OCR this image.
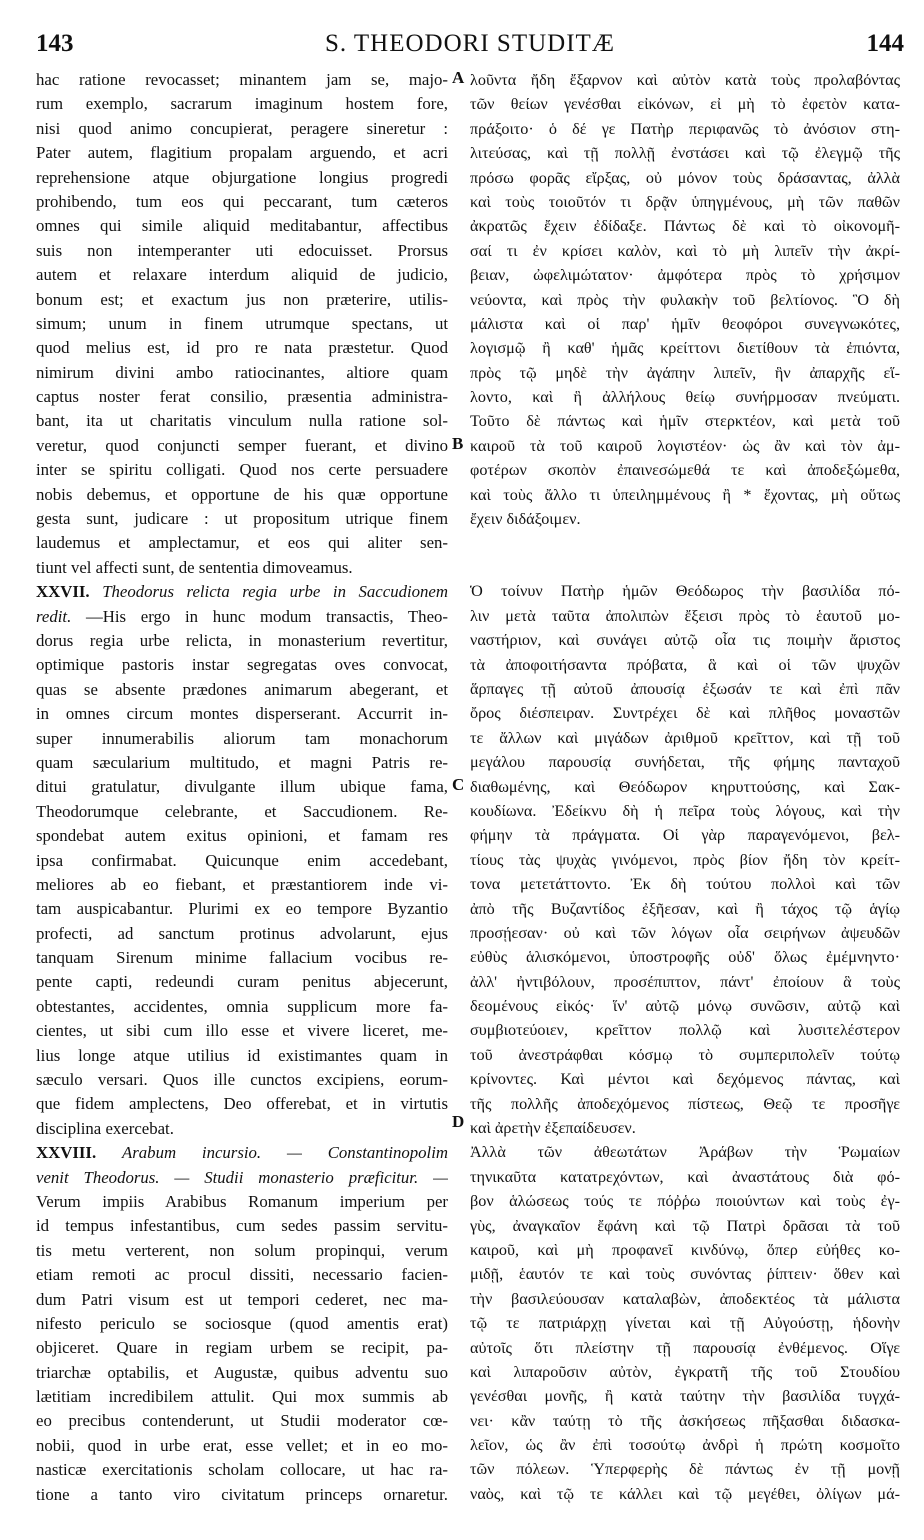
143	S. THEODORI STUDITÆ	144
A
B
C
D
hac ratione revocasset; minantem jam se, majo-
rum exemplo, sacrarum imaginum hostem fore,
nisi quod animo concupierat, peragere sineretur :
Pater autem, flagitium propalam arguendo, et acri
reprehensione atque objurgatione longius progredi
prohibendo, tum eos qui peccarant, tum cæteros
omnes qui simile aliquid meditabantur, affectibus
suis non intemperanter uti edocuisset. Prorsus
autem et relaxare interdum aliquid de judicio,
bonum est; et exactum jus non præterire, utilis-
simum; unum in finem utrumque spectans, ut
quod melius est, id pro re nata præstetur. Quod
nimirum divini ambo ratiocinantes, altiore quam
captus noster ferat consilio, præsentia administra-
bant, ita ut charitatis vinculum nulla ratione sol-
veretur, quod conjuncti semper fuerant, et divino
inter se spiritu colligati. Quod nos certe persuadere
nobis debemus, et opportune de his quæ opportune
gesta sunt, judicare : ut propositum utrique finem
laudemus et amplectamur, et eos qui aliter sen-
tiunt vel affecti sunt, de sententia dimoveamus.
XXVII. Theodorus relicta regia urbe in Saccudionem
redit. —His ergo in hunc modum transactis, Theo-
dorus regia urbe relicta, in monasterium revertitur,
optimique pastoris instar segregatas oves convocat,
quas se absente prædones animarum abegerant, et
in omnes circum montes disperserant. Accurrit in-
super innumerabilis aliorum tam monachorum
quam sæcularium multitudo, et magni Patris re-
ditui gratulatur, divulgante illum ubique fama,
Theodorumque celebrante, et Saccudionem. Re-
spondebat autem exitus opinioni, et famam res
ipsa confirmabat. Quicunque enim accedebant,
meliores ab eo fiebant, et præstantiorem inde vi-
tam auspicabantur. Plurimi ex eo tempore Byzantio
profecti, ad sanctum protinus advolarunt, ejus
tanquam Sirenum minime fallacium vocibus re-
pente capti, redeundi curam penitus abjecerunt,
obtestantes, accidentes, omnia supplicum more fa-
cientes, ut sibi cum illo esse et vivere liceret, me-
lius longe atque utilius id existimantes quam in
sæculo versari. Quos ille cunctos excipiens, eorum-
que fidem amplectens, Deo offerebat, et in virtutis
disciplina exercebat.
XXVIII. Arabum incursio. — Constantinopolim
venit Theodorus. — Studii monasterio præficitur. —
Verum impiis Arabibus Romanum imperium per
id tempus infestantibus, cum sedes passim servitu-
tis metu verterent, non solum propinqui, verum
etiam remoti ac procul dissiti, necessario facien-
dum Patri visum est ut tempori cederet, nec ma-
nifesto periculo se sociosque (quod amentis erat)
objiceret. Quare in regiam urbem se recipit, pa-
triarchæ optabilis, et Augustæ, quibus adventu suo
lætitiam incredibilem attulit. Qui mox summis ab
eo precibus contenderunt, ut Studii moderator cœ-
nobii, quod in urbe erat, esse vellet; et in eo mo-
nasticæ exercitationis scholam collocare, ut hac ra-
tione a tanto viro civitatum princeps ornaretur.
λοῦντα ἤδη ἔξαρνον καὶ αὐτὸν κατὰ τοὺς προλαβόντας
τῶν θείων γενέσθαι εἰκόνων, εἰ μὴ τὸ ἐφετὸν κατα-
πράξοιτο· ὁ δέ γε Πατὴρ περιφανῶς τὸ ἀνόσιον στη-
λιτεύσας, καὶ τῇ πολλῇ ἐνστάσει καὶ τῷ ἐλεγμῷ τῆς
πρόσω φορᾶς εἴρξας, οὐ μόνον τοὺς δράσαντας, ἀλλὰ
καὶ τοὺς τοιοῦτόν τι δρᾷν ὑπηγμένους, μὴ τῶν παθῶν
ἀκρατῶς ἔχειν ἐδίδαξε. Πάντως δὲ καὶ τὸ οἰκονομῆ-
σαί τι ἐν κρίσει καλὸν, καὶ τὸ μὴ λιπεῖν τὴν ἀκρί-
βειαν, ὠφελιμώτατον· ἀμφότερα πρὸς τὸ χρήσιμον
νεύοντα, καὶ πρὸς τὴν φυλακὴν τοῦ βελτίονος. Ὃ δὴ
μάλιστα καὶ οἱ παρ' ἡμῖν θεοφόροι συνεγνωκότες,
λογισμῷ ἢ καθ' ἡμᾶς κρείττονι διετίθουν τὰ ἐπιόντα,
πρὸς τῷ μηδὲ τὴν ἀγάπην λιπεῖν, ἣν ἀπαρχῆς εἵ-
λοντο, καὶ ἣ ἀλλήλους θείῳ συνήρμοσαν πνεύματι.
Τοῦτο δὲ πάντως καὶ ἡμῖν στερκτέον, καὶ μετὰ τοῦ
καιροῦ τὰ τοῦ καιροῦ λογιστέον· ὡς ἂν καὶ τὸν ἀμ-
φοτέρων σκοπὸν ἐπαινεσώμεθά τε καὶ ἀποδεξώμεθα,
καὶ τοὺς ἄλλο τι ὑπειλημμένους ἢ * ἔχοντας, μὴ οὕτως
ἔχειν διδάξοιμεν.
Ὁ τοίνυν Πατὴρ ἡμῶν Θεόδωρος τὴν βασιλίδα πό-
λιν μετὰ ταῦτα ἀπολιπὼν ἔξεισι πρὸς τὸ ἑαυτοῦ μο-
ναστήριον, καὶ συνάγει αὐτῷ οἷα τις ποιμὴν ἄριστος
τὰ ἀποφοιτήσαντα πρόβατα, ἃ καὶ οἱ τῶν ψυχῶν
ἅρπαγες τῇ αὐτοῦ ἀπουσίᾳ ἐξωσάν τε καὶ ἐπὶ πᾶν
ὄρος διέσπειραν. Συντρέχει δὲ καὶ πλῆθος μοναστῶν
τε ἄλλων καὶ μιγάδων ἀριθμοῦ κρεῖττον, καὶ τῇ τοῦ
μεγάλου παρουσίᾳ συνήδεται, τῆς φήμης πανταχοῦ
διαθωμένης, καὶ Θεόδωρον κηρυττούσης, καὶ Σακ-
κουδίωνα. Ἐδείκνυ δὴ ἡ πεῖρα τοὺς λόγους, καὶ τὴν
φήμην τὰ πράγματα. Οἱ γὰρ παραγενόμενοι, βελ-
τίους τὰς ψυχὰς γινόμενοι, πρὸς βίον ἤδη τὸν κρείτ-
τονα μετετάττοντο. Ἐκ δὴ τούτου πολλοὶ καὶ τῶν
ἀπὸ τῆς Βυζαντίδος ἐξῆεσαν, καὶ ἢ τάχος τῷ ἁγίῳ
προσῄεσαν· οὐ καὶ τῶν λόγων οἷα σειρήνων ἀψευδῶν
εὐθὺς ἁλισκόμενοι, ὑποστροφῆς οὐδ' ὅλως ἐμέμνηντο·
ἀλλ' ἠντιβόλουν, προσέπιπτον, πάντ' ἐποίουν ἃ τοὺς
δεομένους εἰκός· ἵν' αὐτῷ μόνῳ συνῶσιν, αὐτῷ καὶ
συμβιοτεύοιεν, κρεῖττον πολλῷ καὶ λυσιτελέστερον
τοῦ ἀνεστράφθαι κόσμῳ τὸ συμπεριπολεῖν τούτῳ
κρίνοντες. Καὶ μέντοι καὶ δεχόμενος πάντας, καὶ
τῆς πολλῆς ἀποδεχόμενος πίστεως, Θεῷ τε προσῆγε
καὶ ἀρετὴν ἐξεπαίδευσεν.
Ἀλλὰ τῶν ἀθεωτάτων Ἀράβων τὴν Ῥωμαίων
τηνικαῦτα κατατρεχόντων, καὶ ἀναστάτους διὰ φό-
βον ἁλώσεως τούς τε πόῤῥω ποιούντων καὶ τοὺς ἐγ-
γὺς, ἀναγκαῖον ἔφάνη καὶ τῷ Πατρὶ δρᾶσαι τὰ τοῦ
καιροῦ, καὶ μὴ προφανεῖ κινδύνῳ, ὅπερ εὐήθες κο-
μιδῇ, ἑαυτόν τε καὶ τοὺς συνόντας ῥίπτειν· ὅθεν καὶ
τὴν βασιλεύουσαν καταλαβὼν, ἀποδεκτέος τὰ μάλιστα
τῷ τε πατριάρχῃ γίνεται καὶ τῇ Αὐγούστῃ, ἡδονὴν
αὐτοῖς ὅτι πλείστην τῇ παρουσίᾳ ἐνθέμενος. Οἵγε
καὶ λιπαροῦσιν αὐτὸν, ἐγκρατῆ τῆς τοῦ Στουδίου
γενέσθαι μονῆς, ἢ κατὰ ταύτην τὴν βασιλίδα τυγχά-
νει· κἂν ταύτῃ τὸ τῆς ἀσκήσεως πῆξασθαι διδασκα-
λεῖον, ὡς ἂν ἐπὶ τοσούτῳ ἀνδρὶ ἡ πρώτη κοσμοῖτο
τῶν πόλεων. Ὑπερφερὴς δὲ πάντως ἐν τῇ μονῇ
ναὸς, καὶ τῷ τε κάλλει καὶ τῷ μεγέθει, ὀλίγων μά-
